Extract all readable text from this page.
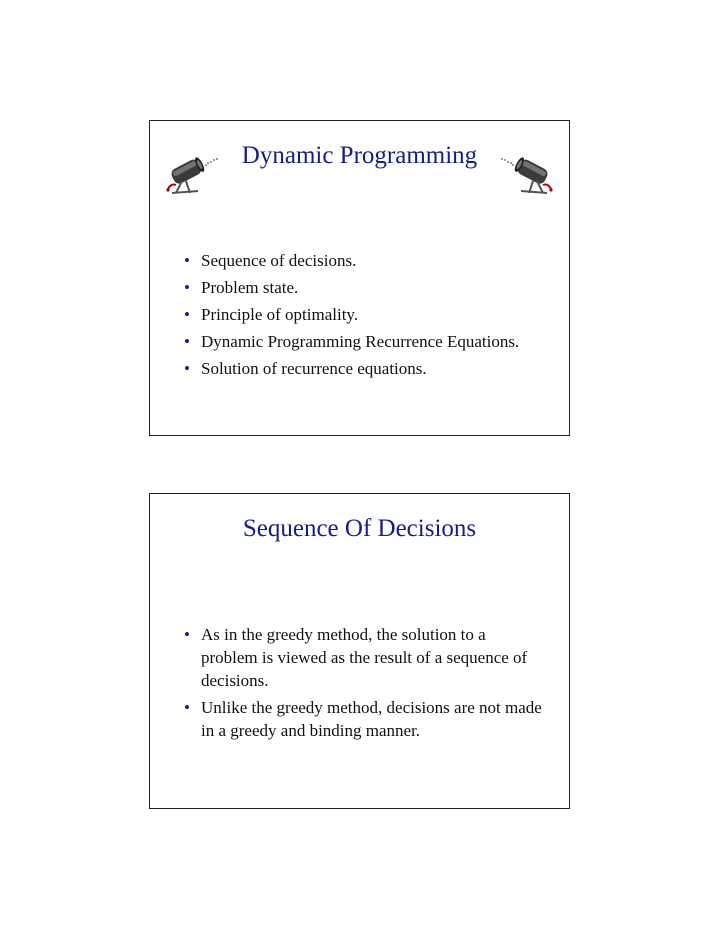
Dynamic Programming
• Sequence of decisions.
• Problem state.
• Principle of optimality.
• Dynamic Programming Recurrence Equations.
• Solution of recurrence equations.
Sequence Of Decisions
• As in the greedy method, the solution to a problem is viewed as the result of a sequence of decisions.
• Unlike the greedy method, decisions are not made in a greedy and binding manner.
